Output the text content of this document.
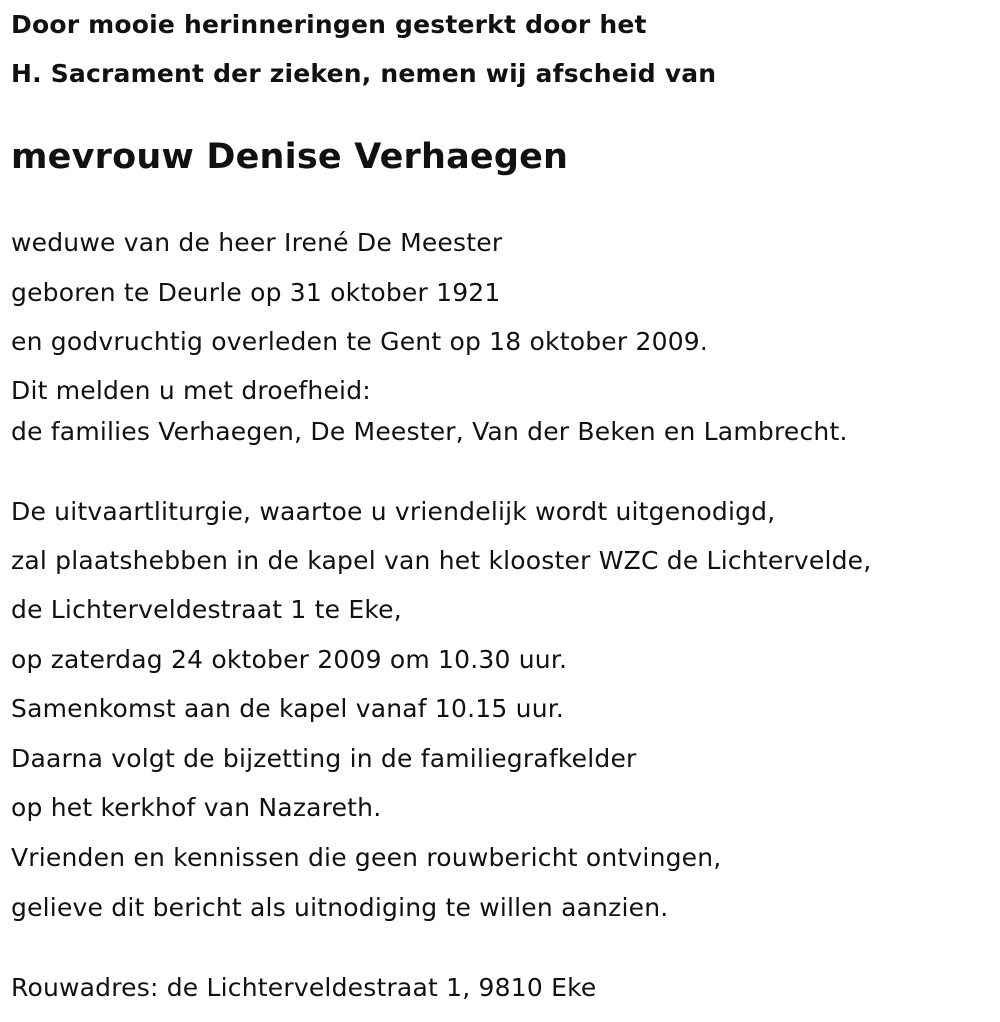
Door mooie herinneringen gesterkt door het
H. Sacrament der zieken, nemen wij afscheid van
mevrouw Denise Verhaegen
weduwe van de heer Irené De Meester
geboren te Deurle op 31 oktober 1921
en godvruchtig overleden te Gent op 18 oktober 2009.
Dit melden u met droefheid:
de families Verhaegen, De Meester, Van der Beken en Lambrecht.
De uitvaartliturgie, waartoe u vriendelijk wordt uitgenodigd,
zal plaatshebben in de kapel van het klooster WZC de Lichtervelde,
de Lichterveldestraat 1 te Eke,
op zaterdag 24 oktober 2009 om 10.30 uur.
Samenkomst aan de kapel vanaf 10.15 uur.
Daarna volgt de bijzetting in de familiegrafkelder
op het kerkhof van Nazareth.
Vrienden en kennissen die geen rouwbericht ontvingen,
gelieve dit bericht als uitnodiging te willen aanzien.
Rouwadres: de Lichterveldestraat 1, 9810 Eke
